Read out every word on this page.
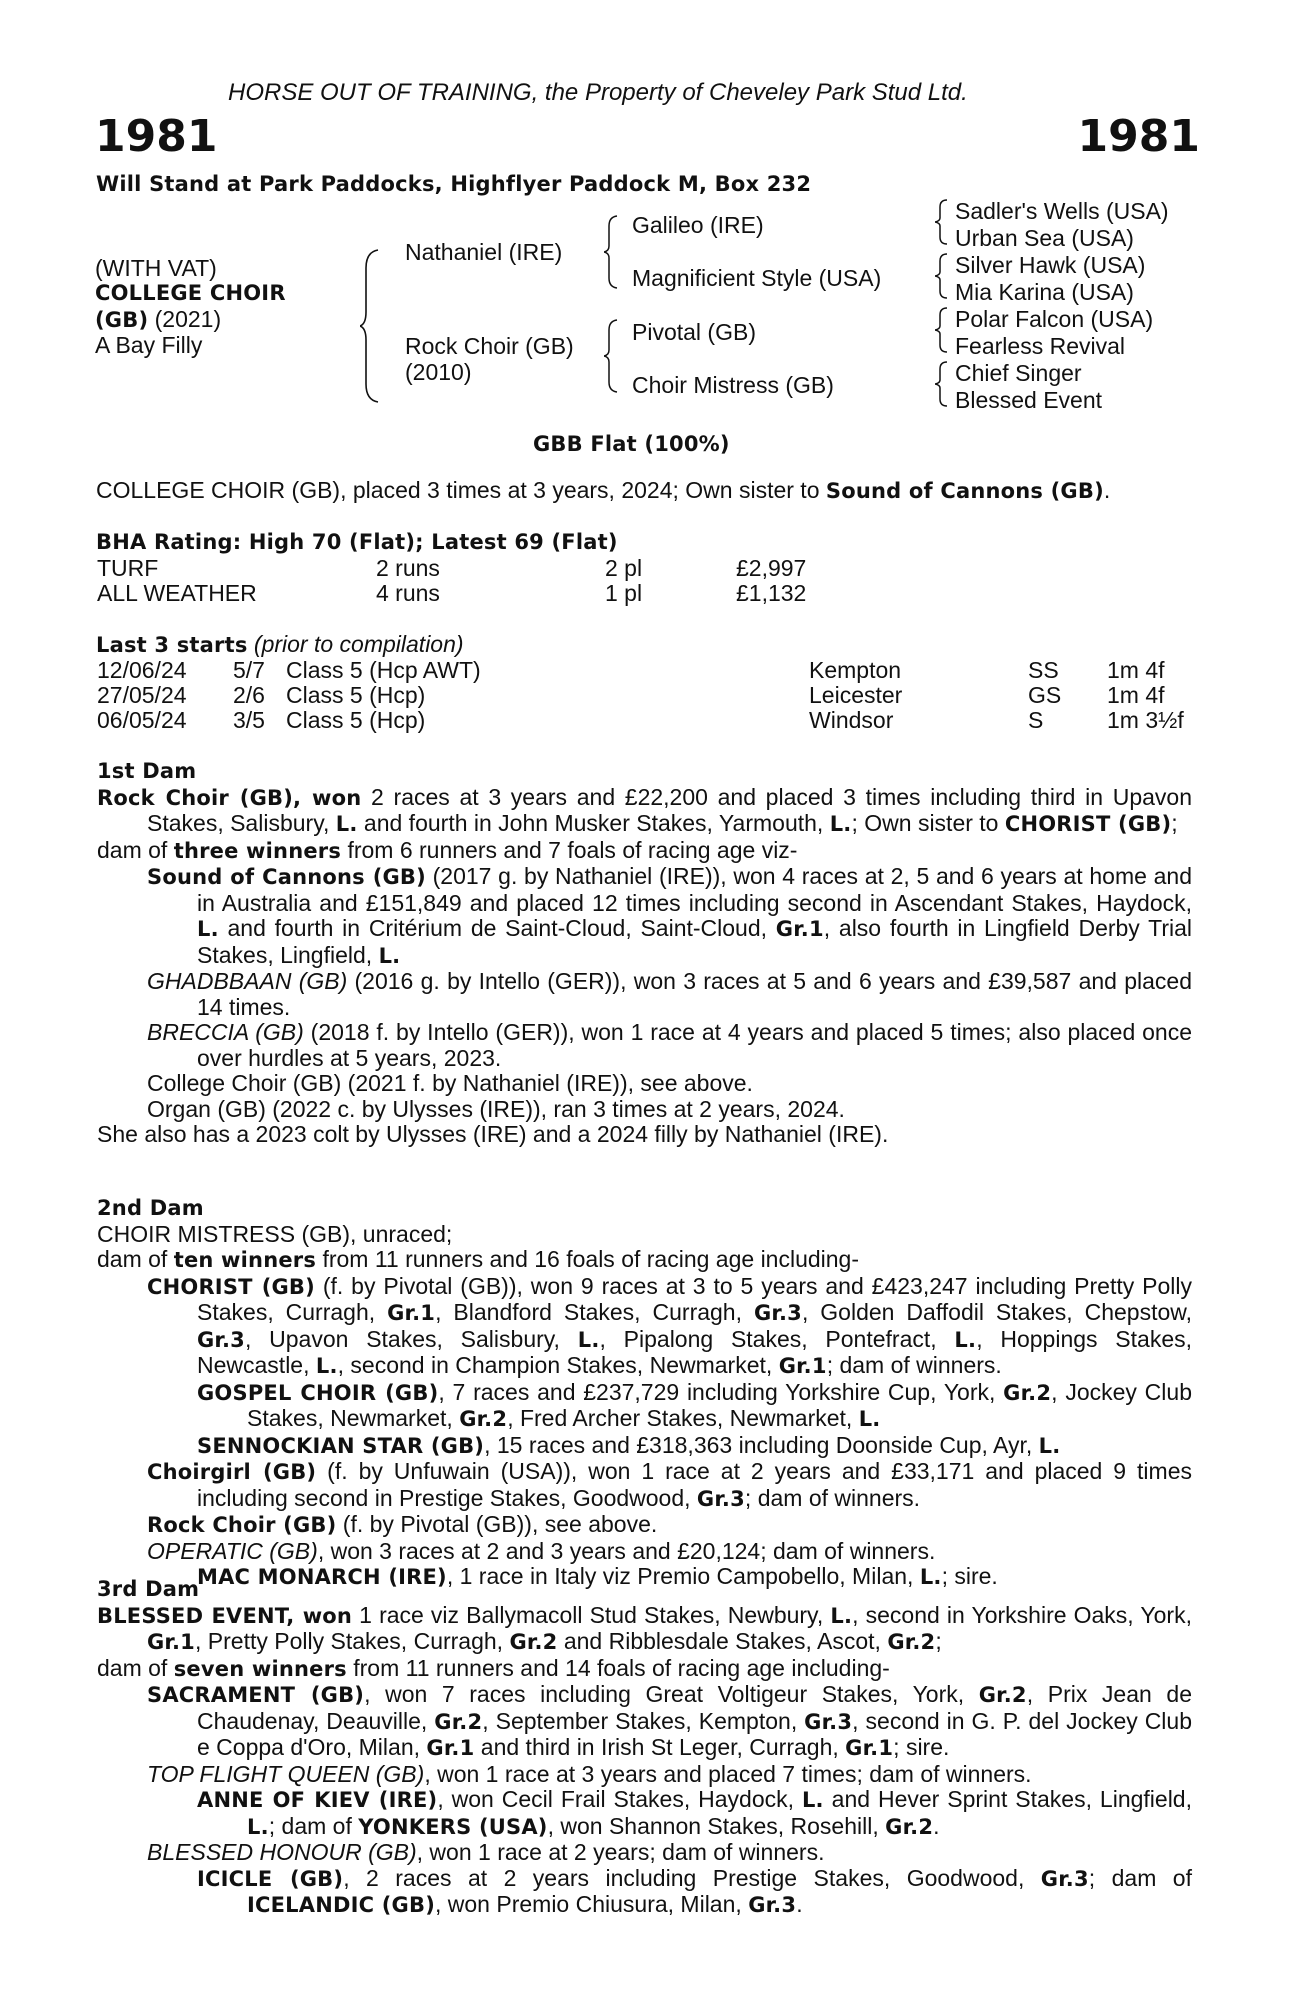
HORSE OUT OF TRAINING, the Property of Cheveley Park Stud Ltd.
1981	1981
Will Stand at Park Paddocks, Highflyer Paddock M, Box 232
(WITH VAT)
COLLEGE CHOIR
(GB) (2021)
A Bay Filly
Nathaniel (IRE)
Rock Choir (GB)
(2010)
Galileo (IRE)
Magnificient Style (USA)
Pivotal (GB)
Choir Mistress (GB)
Sadler's Wells (USA)
Urban Sea (USA)
Silver Hawk (USA)
Mia Karina (USA)
Polar Falcon (USA)
Fearless Revival
Chief Singer
Blessed Event
GBB Flat (100%)
COLLEGE CHOIR (GB), placed 3 times at 3 years, 2024; Own sister to Sound of Cannons (GB).
BHA Rating: High 70 (Flat); Latest 69 (Flat)
TURF	2 runs	2 pl	£2,997
ALL WEATHER	4 runs	1 pl	£1,132
Last 3 starts (prior to compilation)
12/06/24 5/7 Class 5 (Hcp AWT)	Kempton	SS 1m 4f
27/05/24 2/6 Class 5 (Hcp)	Leicester	GS 1m 4f
06/05/24 3/5 Class 5 (Hcp)	Windsor	S	1m 3½f
1st Dam
Rock Choir (GB), won 2 races at 3 years and £22,200 and placed 3 times including third in Upavon Stakes, Salisbury, L. and fourth in John Musker Stakes, Yarmouth, L.; Own sister to CHORIST (GB);
dam of three winners from 6 runners and 7 foals of racing age viz-
Sound of Cannons (GB) (2017 g. by Nathaniel (IRE)), won 4 races at 2, 5 and 6 years at home and in Australia and £151,849 and placed 12 times including second in Ascendant Stakes, Haydock, L. and fourth in Critérium de Saint-Cloud, Saint-Cloud, Gr.1, also fourth in Lingfield Derby Trial Stakes, Lingfield, L.
GHADBBAAN (GB) (2016 g. by Intello (GER)), won 3 races at 5 and 6 years and £39,587 and placed 14 times.
BRECCIA (GB) (2018 f. by Intello (GER)), won 1 race at 4 years and placed 5 times; also placed once over hurdles at 5 years, 2023.
College Choir (GB) (2021 f. by Nathaniel (IRE)), see above.
Organ (GB) (2022 c. by Ulysses (IRE)), ran 3 times at 2 years, 2024.
She also has a 2023 colt by Ulysses (IRE) and a 2024 filly by Nathaniel (IRE).
2nd Dam
CHOIR MISTRESS (GB), unraced;
dam of ten winners from 11 runners and 16 foals of racing age including-
CHORIST (GB) (f. by Pivotal (GB)), won 9 races at 3 to 5 years and £423,247 including Pretty Polly Stakes, Curragh, Gr.1, Blandford Stakes, Curragh, Gr.3, Golden Daffodil Stakes, Chepstow, Gr.3, Upavon Stakes, Salisbury, L., Pipalong Stakes, Pontefract, L., Hoppings Stakes, Newcastle, L., second in Champion Stakes, Newmarket, Gr.1; dam of winners.
GOSPEL CHOIR (GB), 7 races and £237,729 including Yorkshire Cup, York, Gr.2, Jockey Club Stakes, Newmarket, Gr.2, Fred Archer Stakes, Newmarket, L.
SENNOCKIAN STAR (GB), 15 races and £318,363 including Doonside Cup, Ayr, L.
Choirgirl (GB) (f. by Unfuwain (USA)), won 1 race at 2 years and £33,171 and placed 9 times including second in Prestige Stakes, Goodwood, Gr.3; dam of winners.
Rock Choir (GB) (f. by Pivotal (GB)), see above.
OPERATIC (GB), won 3 races at 2 and 3 years and £20,124; dam of winners.
MAC MONARCH (IRE), 1 race in Italy viz Premio Campobello, Milan, L.; sire.
3rd Dam
BLESSED EVENT, won 1 race viz Ballymacoll Stud Stakes, Newbury, L., second in Yorkshire Oaks, York, Gr.1, Pretty Polly Stakes, Curragh, Gr.2 and Ribblesdale Stakes, Ascot, Gr.2;
dam of seven winners from 11 runners and 14 foals of racing age including-
SACRAMENT (GB), won 7 races including Great Voltigeur Stakes, York, Gr.2, Prix Jean de Chaudenay, Deauville, Gr.2, September Stakes, Kempton, Gr.3, second in G. P. del Jockey Club e Coppa d'Oro, Milan, Gr.1 and third in Irish St Leger, Curragh, Gr.1; sire.
TOP FLIGHT QUEEN (GB), won 1 race at 3 years and placed 7 times; dam of winners.
ANNE OF KIEV (IRE), won Cecil Frail Stakes, Haydock, L. and Hever Sprint Stakes, Lingfield, L.; dam of YONKERS (USA), won Shannon Stakes, Rosehill, Gr.2.
BLESSED HONOUR (GB), won 1 race at 2 years; dam of winners.
ICICLE (GB), 2 races at 2 years including Prestige Stakes, Goodwood, Gr.3; dam of ICELANDIC (GB), won Premio Chiusura, Milan, Gr.3.
